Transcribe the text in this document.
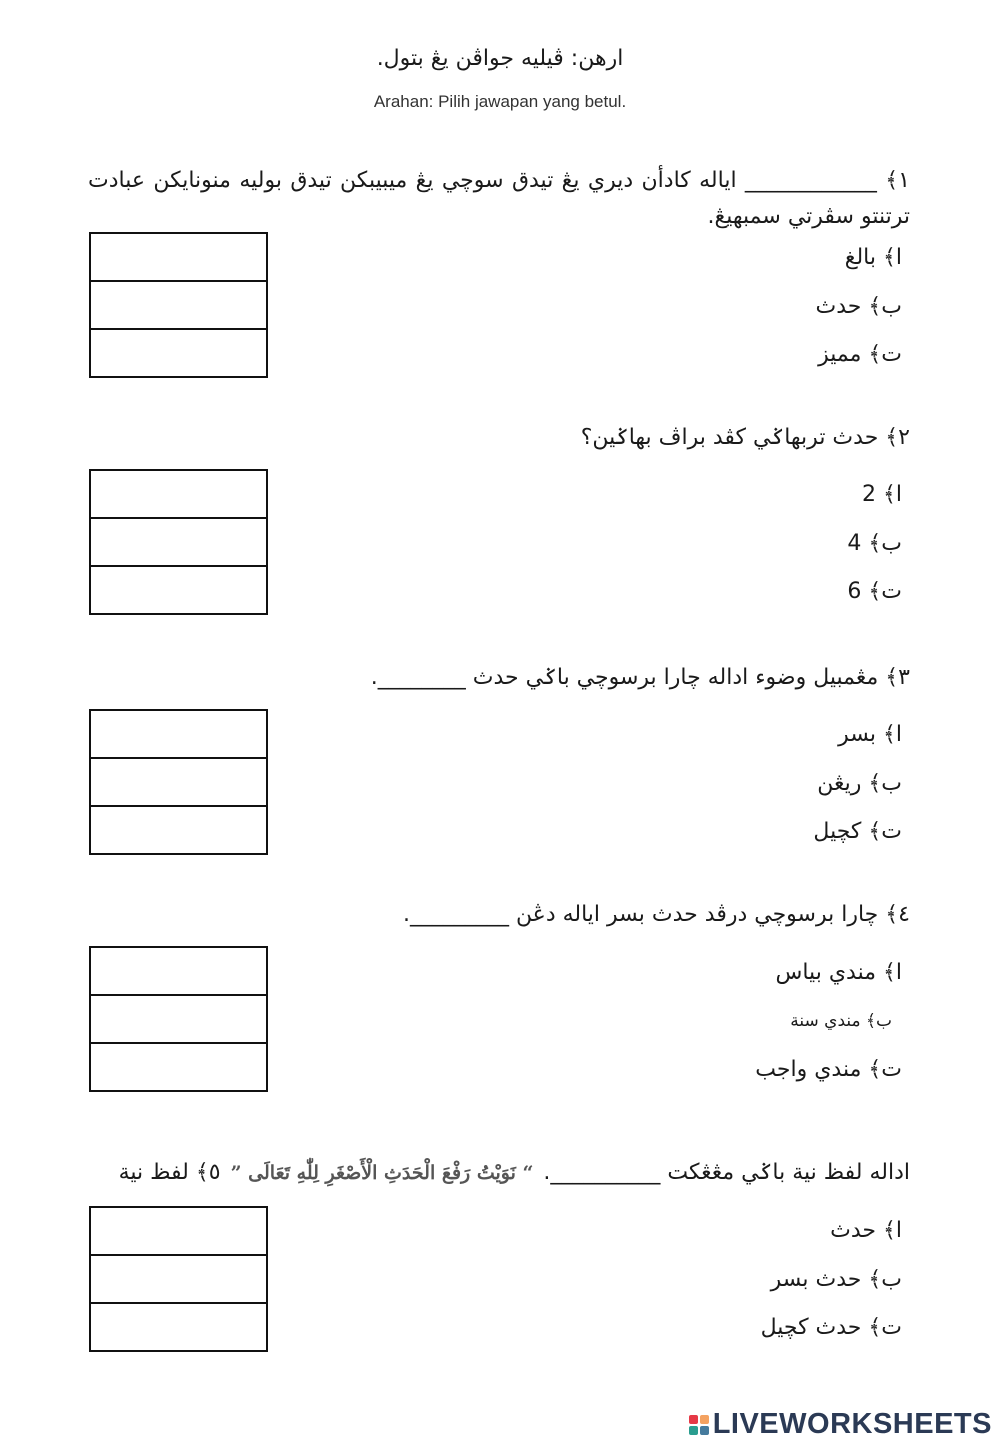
ارهن: ڤيليه جواڤن يڠ بتول.
Arahan: Pilih jawapan yang betul.
١﴾ ____________ اياله كادأن ديري يڠ تيدق سوچي يڠ ميبيبكن تيدق بوليه منونايكن عبادت ترتنتو سڤرتي سمبهيڠ.
ا﴾ بالغ
ب﴾ حدث
ت﴾ مميز
٢﴾ حدث تربهاݢي كڤد براڤ بهاݢين؟
ا﴾ 2
ب﴾ 4
ت﴾ 6
٣﴾ مڠمبيل وضوء اداله چارا برسوچي باݢي حدث ________.
ا﴾ بسر
ب﴾ ريڠن
ت﴾ کچيل
٤﴾ چارا برسوچي درڤد حدث بسر اياله دڠن _________.
ا﴾ مندي بياس
ب﴾ مندي سنة
ت﴾ مندي واجب
٥﴾ لفظ نية “ نَوَيْتُ رَفْعَ الْحَدَثِ الْأَصْغَرِ لِلّٰهِ تَعَالَى ” اداله لفظ نية باݢي مڠڠكت __________.
ا﴾ حدث
ب﴾ حدث بسر
ت﴾ حدث کچيل
LIVEWORKSHEETS
